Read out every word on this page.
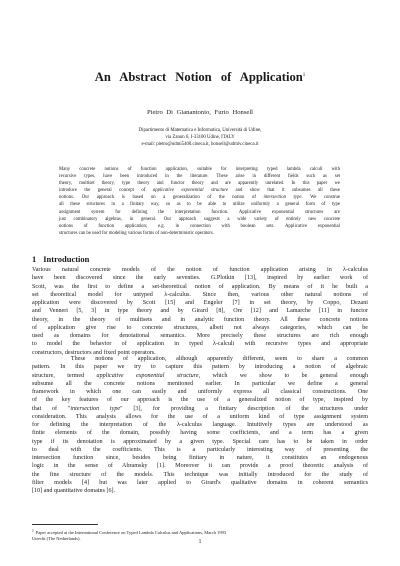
An Abstract Notion of Application$^1$
Pietro Di Gianantonio, Furio Honsell
Dipartimento di Matematica e Informatica, Università di Udine,
via Zanon 6, I-33100 Udine, ITALY
e-mail: pietro@udmi5400.cineca.it, honsell@udmiv.cineca.it
Many concrete notions of function application, suitable for interpreting typed lambda calculi with
recursive types, have been introduced in the literature. These arise in different fields such as set
theory, multiset theory, type theory and functor theory and are apparently unrelated. In this paper we
introduce the general concept of applicative exponential structure and show that it subsumes all these
notions. Our approach is based on a generalization of the notion of intersection type. We construe
all these structures in a finitary way, so as to be able to utilize uniformly a general form of type
assignment system for defining the interpretation function. Applicative exponential structures are
just combinatory algebras, in general. Our approach suggests a wide variety of entirely new concrete
notions of function application; e.g. in connection with boolean sets. Applicative exponential
structures can be used for modeling various forms of non-deterministic operators.
1 Introduction
Various natural concrete models of the notion of function application arising in λ-calculus
have been discovered since the early seventies. G.Plotkin [13], inspired by earlier work of
Scott, was the first to define a set-theoretical notion of application. By means of it he built a
set theoretical model for untyped λ-calculus. Since then, various other natural notions of
application were discovered by Scott [15] and Engeler [7] in set theory, by Coppo, Dezani
and Venneri [5, 3] in type theory and by Girard [8], Ore [12] and Lamarche [11] in functor
theory, in the theory of multisets and in analytic function theory. All these concrete notions
of application give rise to concrete structures, albeit not always categories, which can be
used as domains for denotational semantics. More precisely these structures are rich enough
to model the behavior of application in typed λ-calculi with recursive types and appropriate
constructors, destructors and fixed point operators.
These notions of application, although apparently different, seem to share a common
pattern. In this paper we try to capture this pattern by introducing a notion of algebraic
structure, termed applicative exponential structure, which we show to be general enough
subsume all the concrete notions mentioned earlier. In particular we define a general
framework in which one can easily and uniformly express all classical constructions. One
of the key features of our approach is the use of a generalized notion of type, inspired by
that of "intersection type" [3], for providing a finitary description of the structures under
consideration. This analysis allows for the use of a uniform kind of type assignment system
for defining the interpretation of the λ-calculus language. Intuitively types are understood as
finite elements of the domain, possibly having some coefficients, and a term has a given
type if its denotation is approximated by a given type. Special care has to be taken in order
to deal with the coefficients. This is a particularly interesting way of presenting the
intersection function since, besides being finitary in nature, it constitutes an endogenous
logic in the sense of Abramsky [1]. Moreover it can provide a proof theoretic analysis of
the fine structure of the models. This technique was initially introduced for the study of
filter models [4] but was later applied to Girard's qualitative domains in coherent semantics
[10] and quantitative domains [6].
$^1$ Paper accepted at the International Conference on Typed Lambda Calculus and Applications, March 1993
Utrecht (The Netherlands).
1
